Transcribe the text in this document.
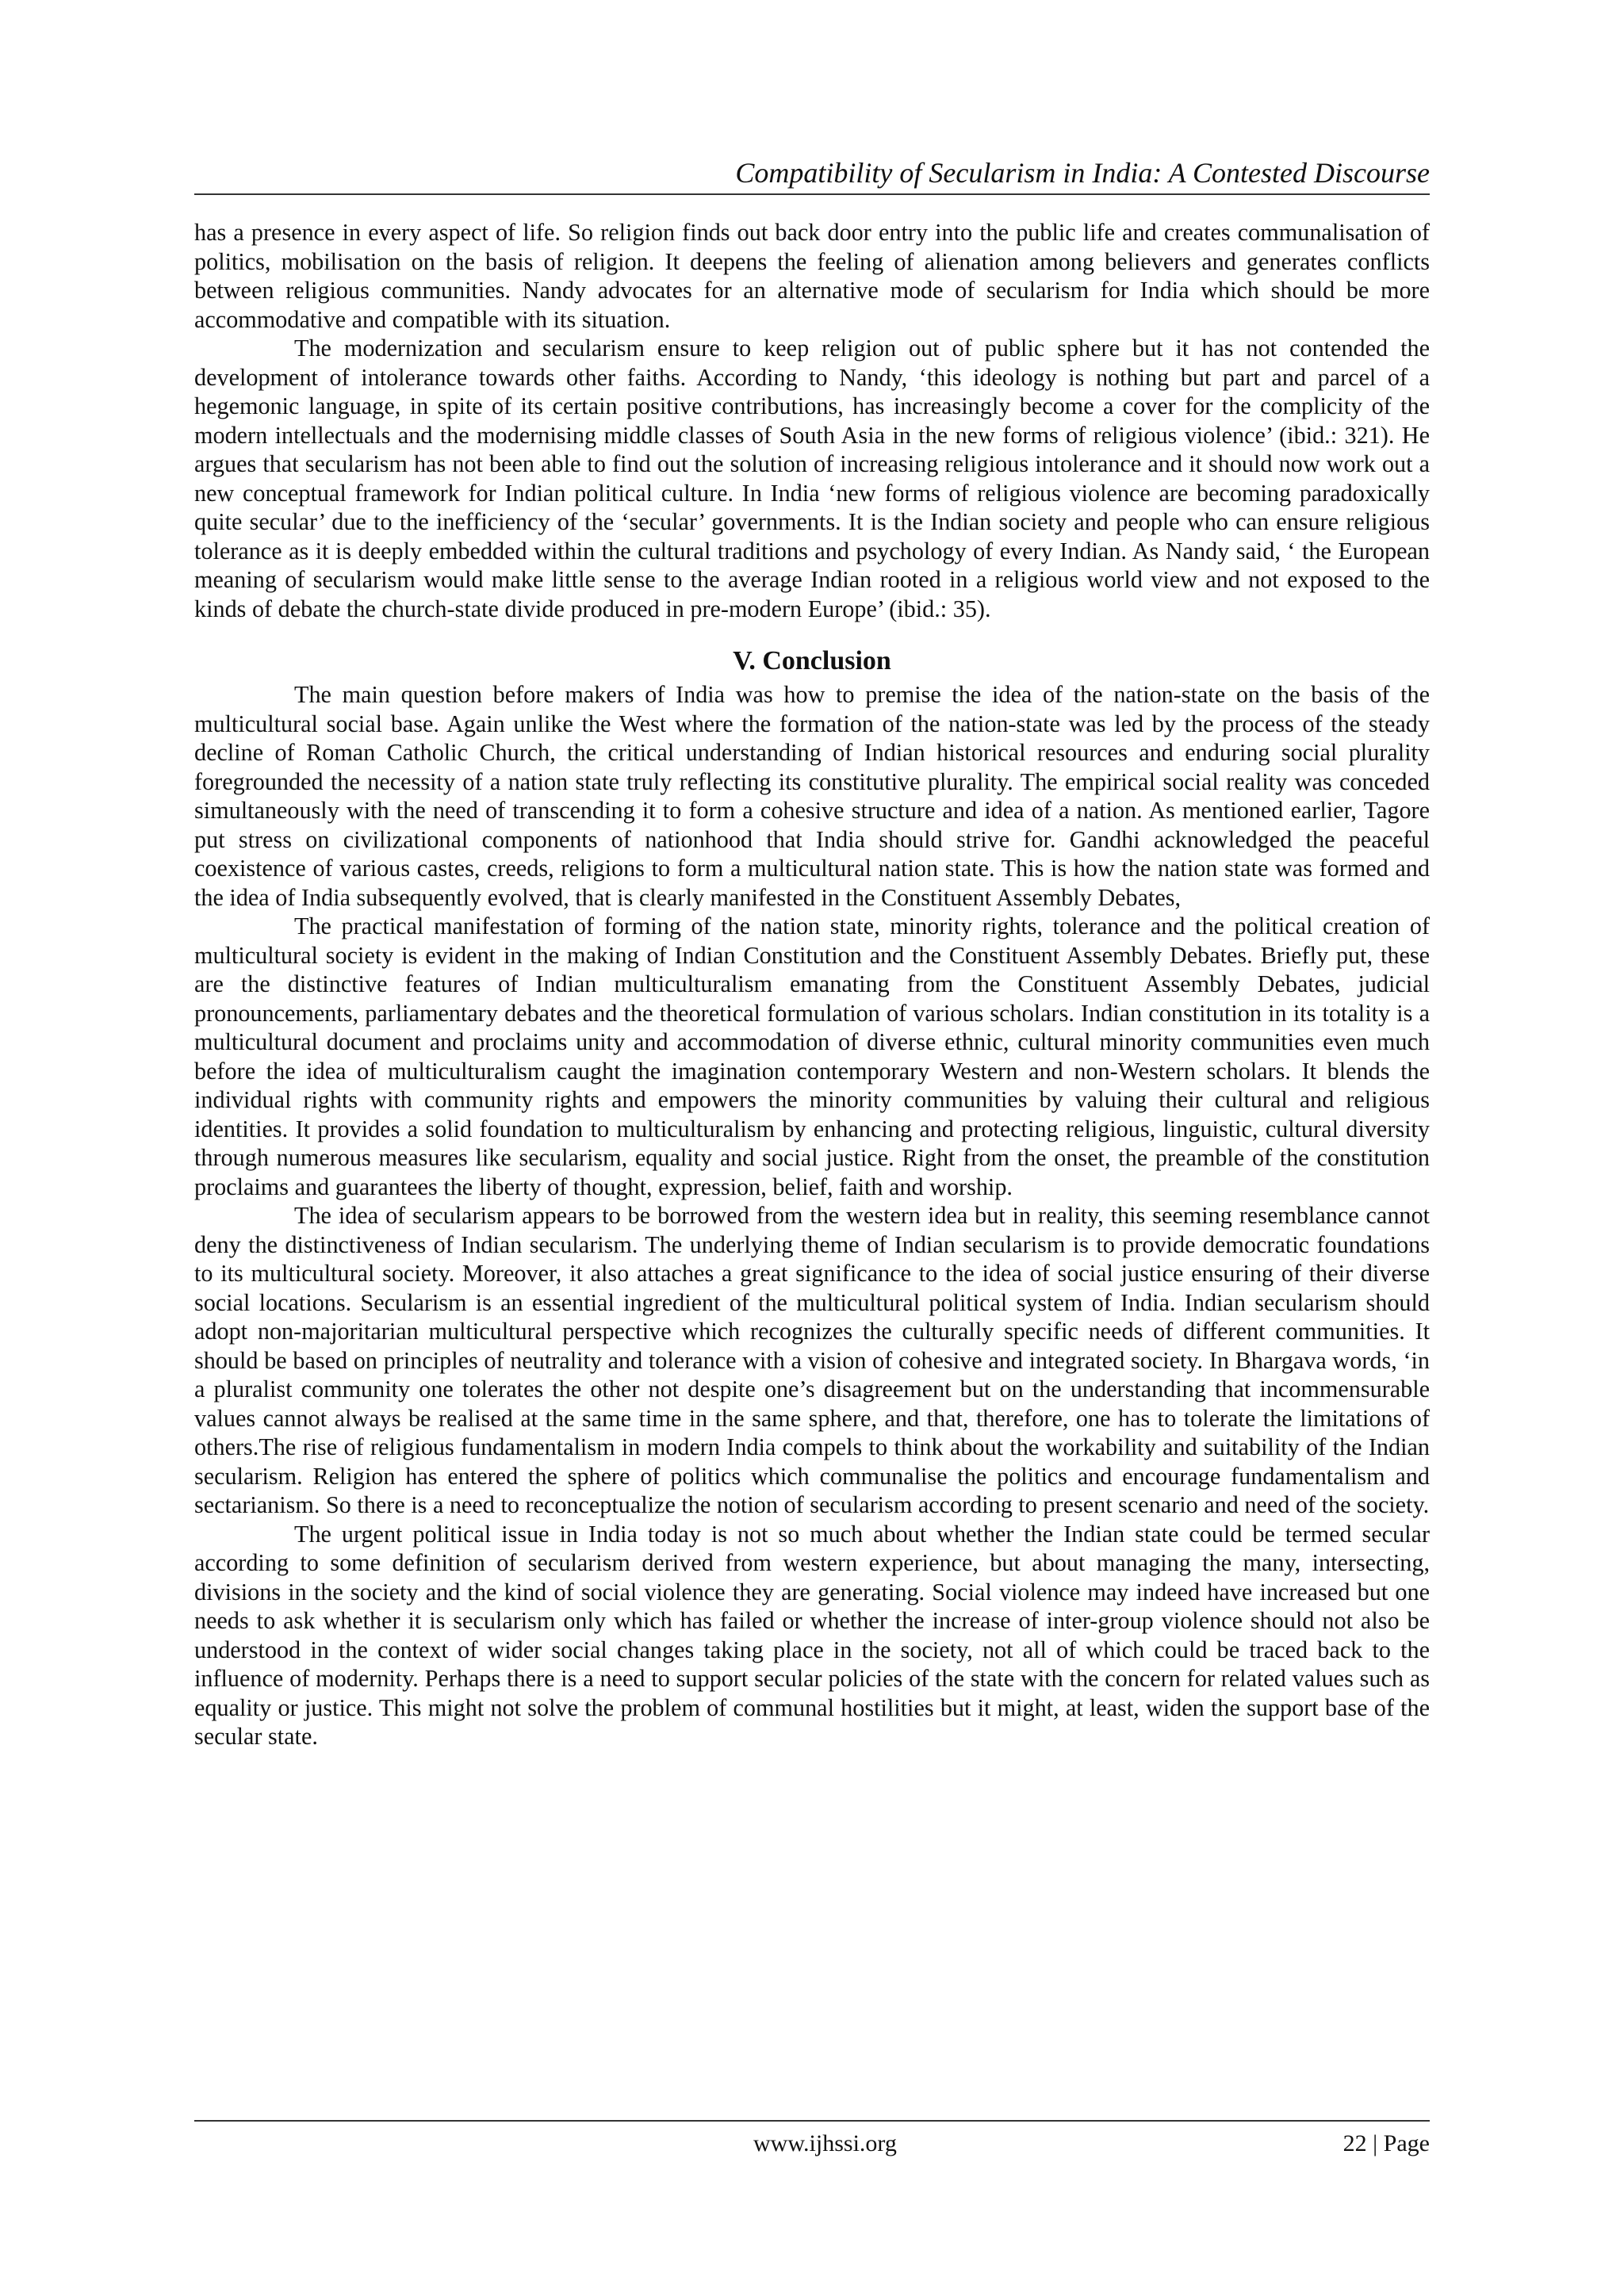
Compatibility of Secularism in India: A Contested Discourse

has a presence in every aspect of life. So religion finds out back door entry into the public life and creates communalisation of politics, mobilisation on the basis of religion. It deepens the feeling of alienation among believers and generates conflicts between religious communities. Nandy advocates for an alternative mode of secularism for India which should be more accommodative and compatible with its situation.

The modernization and secularism ensure to keep religion out of public sphere but it has not contended the development of intolerance towards other faiths. According to Nandy, ‘this ideology is nothing but part and parcel of a hegemonic language, in spite of its certain positive contributions, has increasingly become a cover for the complicity of the modern intellectuals and the modernising middle classes of South Asia in the new forms of religious violence’ (ibid.: 321). He argues that secularism has not been able to find out the solution of increasing religious intolerance and it should now work out a new conceptual framework for Indian political culture. In India ‘new forms of religious violence are becoming paradoxically quite secular’ due to the inefficiency of the ‘secular’ governments. It is the Indian society and people who can ensure religious tolerance as it is deeply embedded within the cultural traditions and psychology of every Indian. As Nandy said, ‘ the European meaning of secularism would make little sense to the average Indian rooted in a religious world view and not exposed to the kinds of debate the church-state divide produced in pre-modern Europe’ (ibid.: 35).

V. Conclusion

The main question before makers of India was how to premise the idea of the nation-state on the basis of the multicultural social base. Again unlike the West where the formation of the nation-state was led by the process of the steady decline of Roman Catholic Church, the critical understanding of Indian historical resources and enduring social plurality foregrounded the necessity of a nation state truly reflecting its constitutive plurality. The empirical social reality was conceded simultaneously with the need of transcending it to form a cohesive structure and idea of a nation. As mentioned earlier, Tagore put stress on civilizational components of nationhood that India should strive for. Gandhi acknowledged the peaceful coexistence of various castes, creeds, religions to form a multicultural nation state. This is how the nation state was formed and the idea of India subsequently evolved, that is clearly manifested in the Constituent Assembly Debates,

The practical manifestation of forming of the nation state, minority rights, tolerance and the political creation of multicultural society is evident in the making of Indian Constitution and the Constituent Assembly Debates. Briefly put, these are the distinctive features of Indian multiculturalism emanating from the Constituent Assembly Debates, judicial pronouncements, parliamentary debates and the theoretical formulation of various scholars. Indian constitution in its totality is a multicultural document and proclaims unity and accommodation of diverse ethnic, cultural minority communities even much before the idea of multiculturalism caught the imagination contemporary Western and non-Western scholars. It blends the individual rights with community rights and empowers the minority communities by valuing their cultural and religious identities. It provides a solid foundation to multiculturalism by enhancing and protecting religious, linguistic, cultural diversity through numerous measures like secularism, equality and social justice. Right from the onset, the preamble of the constitution proclaims and guarantees the liberty of thought, expression, belief, faith and worship.

The idea of secularism appears to be borrowed from the western idea but in reality, this seeming resemblance cannot deny the distinctiveness of Indian secularism. The underlying theme of Indian secularism is to provide democratic foundations to its multicultural society. Moreover, it also attaches a great significance to the idea of social justice ensuring of their diverse social locations. Secularism is an essential ingredient of the multicultural political system of India. Indian secularism should adopt non-majoritarian multicultural perspective which recognizes the culturally specific needs of different communities. It should be based on principles of neutrality and tolerance with a vision of cohesive and integrated society. In Bhargava words, ‘in a pluralist community one tolerates the other not despite one’s disagreement but on the understanding that incommensurable values cannot always be realised at the same time in the same sphere, and that, therefore, one has to tolerate the limitations of others.The rise of religious fundamentalism in modern India compels to think about the workability and suitability of the Indian secularism. Religion has entered the sphere of politics which communalise the politics and encourage fundamentalism and sectarianism. So there is a need to reconceptualize the notion of secularism according to present scenario and need of the society.

The urgent political issue in India today is not so much about whether the Indian state could be termed secular according to some definition of secularism derived from western experience, but about managing the many, intersecting, divisions in the society and the kind of social violence they are generating. Social violence may indeed have increased but one needs to ask whether it is secularism only which has failed or whether the increase of inter-group violence should not also be understood in the context of wider social changes taking place in the society, not all of which could be traced back to the influence of modernity. Perhaps there is a need to support secular policies of the state with the concern for related values such as equality or justice. This might not solve the problem of communal hostilities but it might, at least, widen the support base of the secular state.

www.ijhssi.org	22 | Page
